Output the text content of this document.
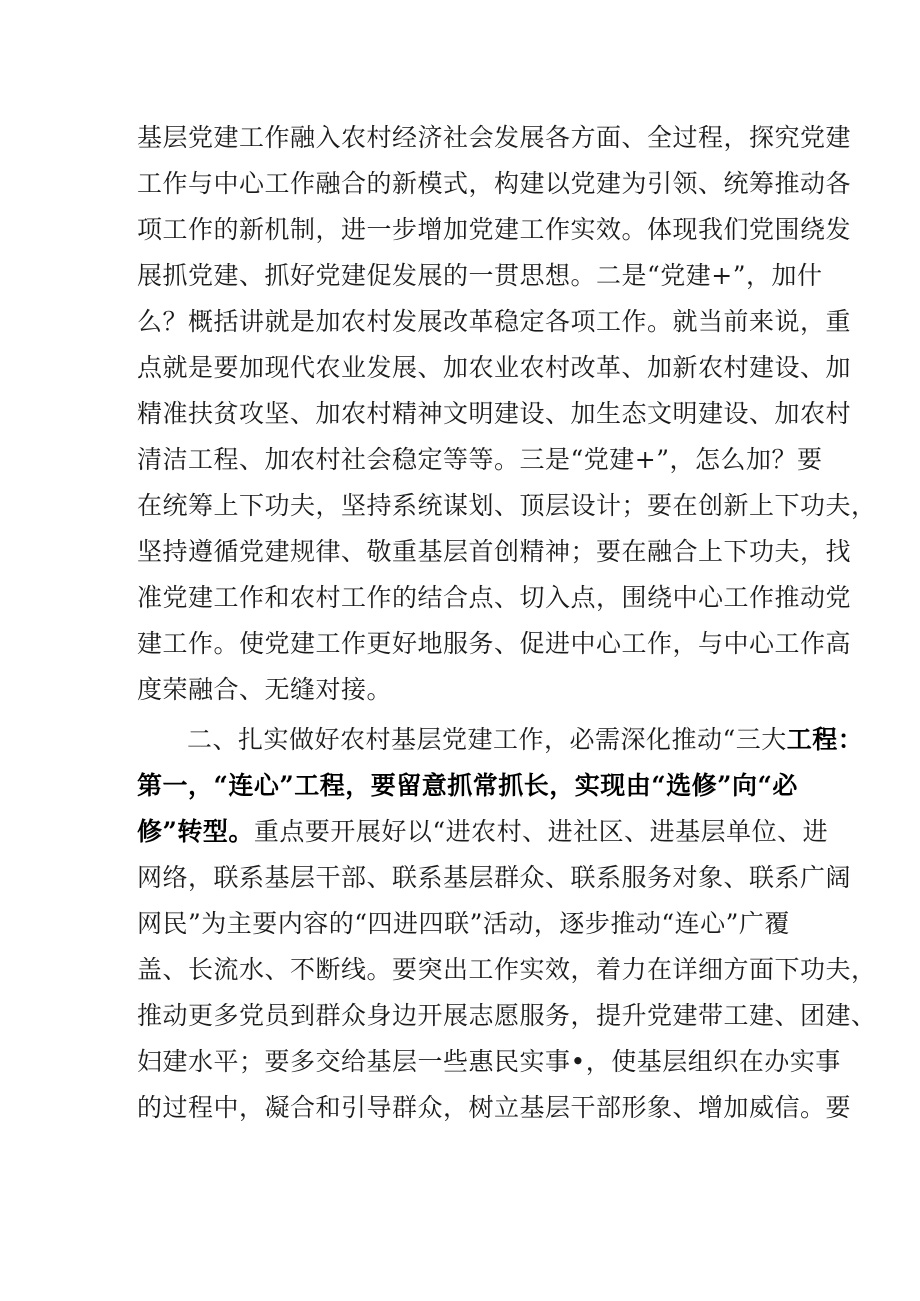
基层党建工作融入农村经济社会发展各方面、全过程，探究党建
工作与中心工作融合的新模式，构建以党建为引领、统筹推动各
项工作的新机制，进一步增加党建工作实效。体现我们党围绕发
展抓党建、抓好党建促发展的一贯思想。二是“党建+”，加什
么？概括讲就是加农村发展改革稳定各项工作。就当前来说，重
点就是要加现代农业发展、加农业农村改革、加新农村建设、加
精准扶贫攻坚、加农村精神文明建设、加生态文明建设、加农村
清洁工程、加农村社会稳定等等。三是“党建+”，怎么加？要
在统筹上下功夫，坚持系统谋划、顶层设计；要在创新上下功夫，
坚持遵循党建规律、敬重基层首创精神；要在融合上下功夫，找
准党建工作和农村工作的结合点、切入点，围绕中心工作推动党
建工作。使党建工作更好地服务、促进中心工作，与中心工作高
度荣融合、无缝对接。
二、扎实做好农村基层党建工作，必需深化推动“三大工程：
第一，“连心”工程，要留意抓常抓长，实现由“选修”向“必
修”转型。重点要开展好以“进农村、进社区、进基层单位、进
网络，联系基层干部、联系基层群众、联系服务对象、联系广阔
网民”为主要内容的“四进四联”活动，逐步推动“连心”广覆
盖、长流水、不断线。要突出工作实效，着力在详细方面下功夫，
推动更多党员到群众身边开展志愿服务，提升党建带工建、团建、
妇建水平；要多交给基层一些惠民实事•，使基层组织在办实事
的过程中，凝合和引导群众，树立基层干部形象、增加威信。要
